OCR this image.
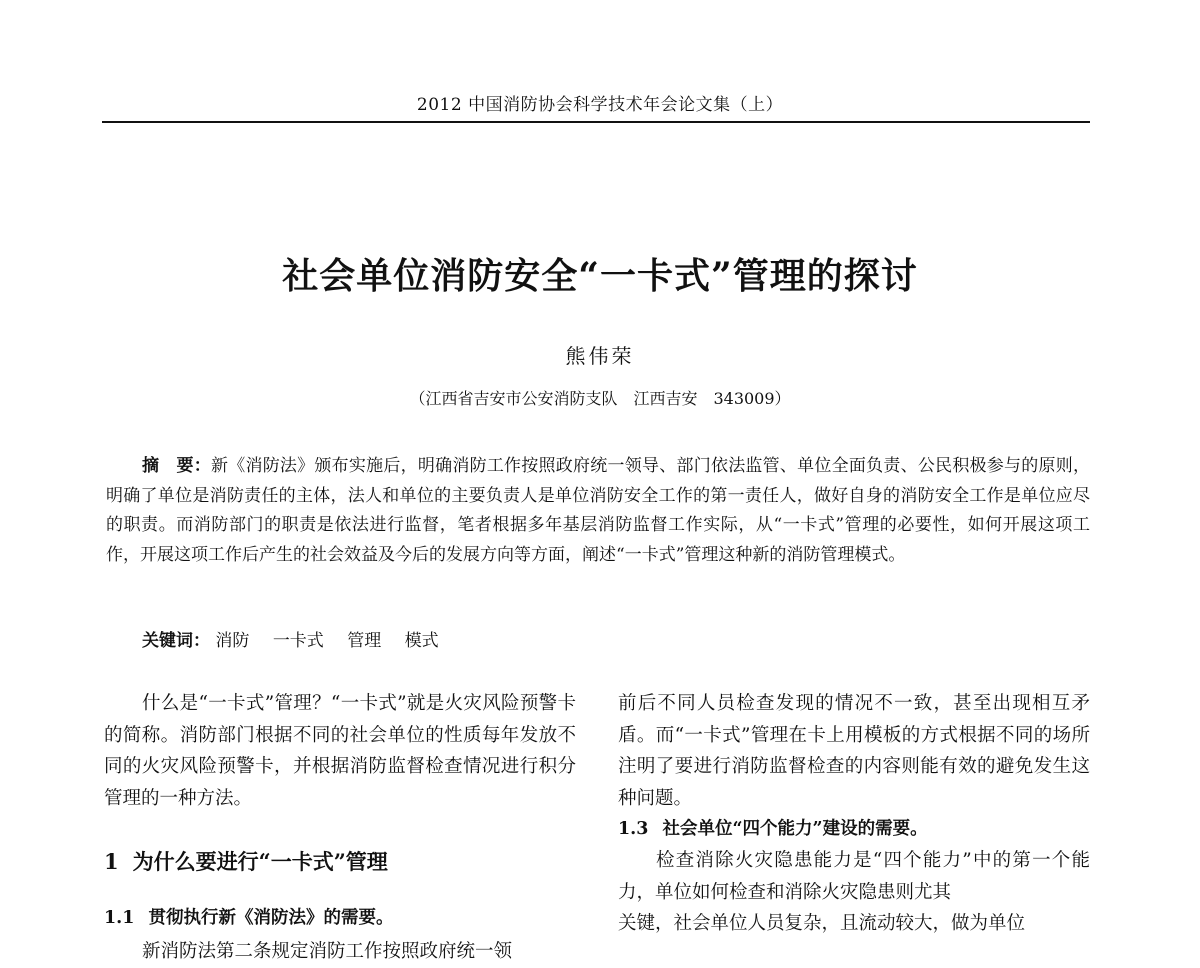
2012 中国消防协会科学技术年会论文集（上）
社会单位消防安全“一卡式”管理的探讨
熊伟荣
（江西省吉安市公安消防支队　江西吉安　343009）

摘　要：新《消防法》颁布实施后，明确消防工作按照政府统一领导、部门依法监管、单位全面负责、公民积极参与的原则，明确了单位是消防责任的主体，法人和单位的主要负责人是单位消防安全工作的第一责任人，做好自身的消防安全工作是单位应尽的职责。而消防部门的职责是依法进行监督，笔者根据多年基层消防监督工作实际，从“一卡式”管理的必要性，如何开展这项工作，开展这项工作后产生的社会效益及今后的发展方向等方面，阐述“一卡式”管理这种新的消防管理模式。

关键词： 消防 一卡式 管理 模式

什么是“一卡式”管理？“一卡式”就是火灾风险预警卡的简称。消防部门根据不同的社会单位的性质每年发放不同的火灾风险预警卡，并根据消防监督检查情况进行积分管理的一种方法。

1 为什么要进行“一卡式”管理
1.1 贯彻执行新《消防法》的需要。
新消防法第二条规定消防工作按照政府统一领

前后不同人员检查发现的情况不一致，甚至出现相互矛盾。而“一卡式”管理在卡上用模板的方式根据不同的场所注明了要进行消防监督检查的内容则能有效的避免发生这种问题。

1.3 社会单位“四个能力”建设的需要。

检查消除火灾隐患能力是“四个能力”中的第一个能力，单位如何检查和消除火灾隐患则尤其

关键，社会单位人员复杂，且流动较大，做为单位
